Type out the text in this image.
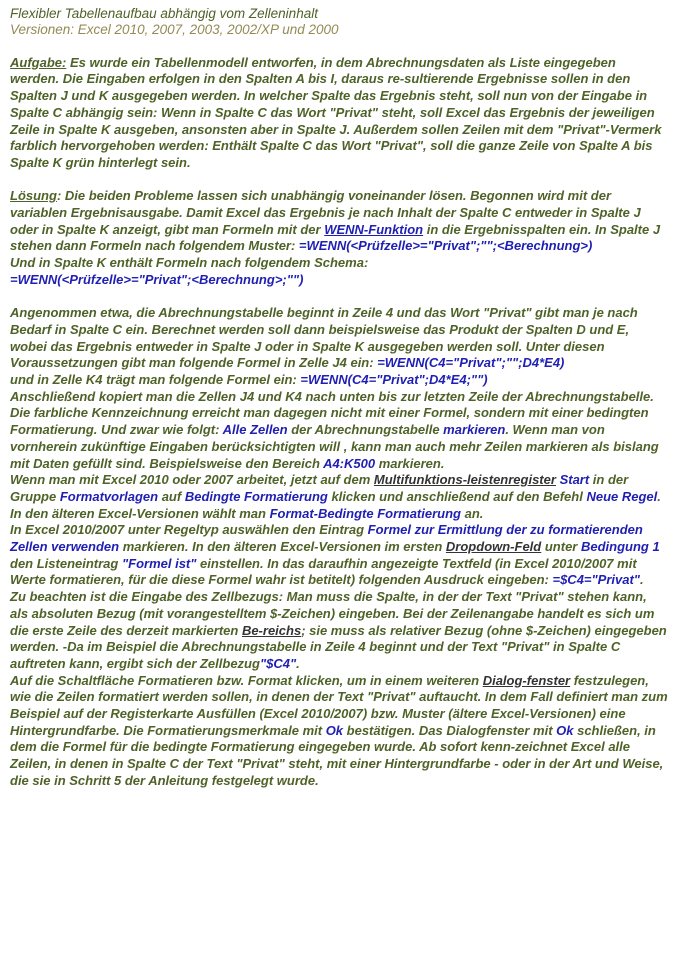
Flexibler Tabellenaufbau abhängig vom Zelleninhalt

Versionen: Excel 2010, 2007, 2003, 2002/XP und 2000

Aufgabe: Es wurde ein Tabellenmodell entworfen, in dem Abrechnungsdaten als Liste eingegeben werden. Die Eingaben erfolgen in den Spalten A bis I, daraus re-sultierende Ergebnisse sollen in den Spalten J und K ausgegeben werden. In welcher Spalte das Ergebnis steht, soll nun von der Eingabe in Spalte C abhängig sein: Wenn in Spalte C das Wort "Privat" steht, soll Excel das Ergebnis der jeweiligen Zeile in Spalte K ausgeben, ansonsten aber in Spalte J. Außerdem sollen Zeilen mit dem "Privat"-Vermerk farblich hervorgehoben werden: Enthält Spalte C das Wort "Privat", soll die ganze Zeile von Spalte A bis Spalte K grün hinterlegt sein.

Lösung: Die beiden Probleme lassen sich unabhängig voneinander lösen. Begonnen wird mit der variablen Ergebnisausgabe. Damit Excel das Ergebnis je nach Inhalt der Spalte C entweder in Spalte J oder in Spalte K anzeigt, gibt man Formeln mit der WENN-Funktion in die Ergebnisspalten ein. In Spalte J stehen dann Formeln nach folgendem Muster: =WENN(<Prüfzelle>="Privat";"";<Berechnung>)

Und in Spalte K enthält Formeln nach folgendem Schema:

=WENN(<Prüfzelle>="Privat";<Berechnung>;"")

Angenommen etwa, die Abrechnungstabelle beginnt in Zeile 4 und das Wort "Privat" gibt man je nach Bedarf in Spalte C ein. Berechnet werden soll dann beispielsweise das Produkt der Spalten D und E, wobei das Ergebnis entweder in Spalte J oder in Spalte K ausgegeben werden soll. Unter diesen Voraussetzungen gibt man folgende Formel in Zelle J4 ein: =WENN(C4="Privat";"";D4*E4)

und in Zelle K4 trägt man folgende Formel ein: =WENN(C4="Privat";D4*E4;"")

Anschließend kopiert man die Zellen J4 und K4 nach unten bis zur letzten Zeile der Abrechnungstabelle. Die farbliche Kennzeichnung erreicht man dagegen nicht mit einer Formel, sondern mit einer bedingten Formatierung. Und zwar wie folgt: Alle Zellen der Abrechnungstabelle markieren. Wenn man von vornherein zukünftige Eingaben berücksichtigten will , kann man auch mehr Zeilen markieren als bislang mit Daten gefüllt sind. Beispielsweise den Bereich A4:K500 markieren.

Wenn man mit Excel 2010 oder 2007 arbeitet, jetzt auf dem Multifunktions-leistenregister Start in der Gruppe Formatvorlagen auf Bedingte Formatierung klicken und anschließend auf den Befehl Neue Regel. In den älteren Excel-Versionen wählt man Format-Bedingte Formatierung an.

In Excel 2010/2007 unter Regeltyp auswählen den Eintrag Formel zur Ermittlung der zu formatierenden Zellen verwenden markieren. In den älteren Excel-Versionen im ersten Dropdown-Feld unter Bedingung 1 den Listeneintrag "Formel ist" einstellen. In das daraufhin angezeigte Textfeld (in Excel 2010/2007 mit Werte formatieren, für die diese Formel wahr ist betitelt) folgenden Ausdruck eingeben: =$C4="Privat".

Zu beachten ist die Eingabe des Zellbezugs: Man muss die Spalte, in der der Text "Privat" stehen kann, als absoluten Bezug (mit vorangestelltem $-Zeichen) eingeben. Bei der Zeilenangabe handelt es sich um die erste Zeile des derzeit markierten Be-reichs; sie muss als relativer Bezug (ohne $-Zeichen) eingegeben werden. -Da im Beispiel die Abrechnungstabelle in Zeile 4 beginnt und der Text "Privat" in Spalte C auftreten kann, ergibt sich der Zellbezug"$C4".

Auf die Schaltfläche Formatieren bzw. Format klicken, um in einem weiteren Dialog-fenster festzulegen, wie die Zeilen formatiert werden sollen, in denen der Text "Privat" auftaucht. In dem Fall definiert man zum Beispiel auf der Registerkarte Ausfüllen (Excel 2010/2007) bzw. Muster (ältere Excel-Versionen) eine Hintergrundfarbe. Die Formatierungsmerkmale mit Ok bestätigen. Das Dialogfenster mit Ok schließen, in dem die Formel für die bedingte Formatierung eingegeben wurde. Ab sofort kenn-zeichnet Excel alle Zeilen, in denen in Spalte C der Text "Privat" steht, mit einer Hintergrundfarbe - oder in der Art und Weise, die sie in Schritt 5 der Anleitung festgelegt wurde.
